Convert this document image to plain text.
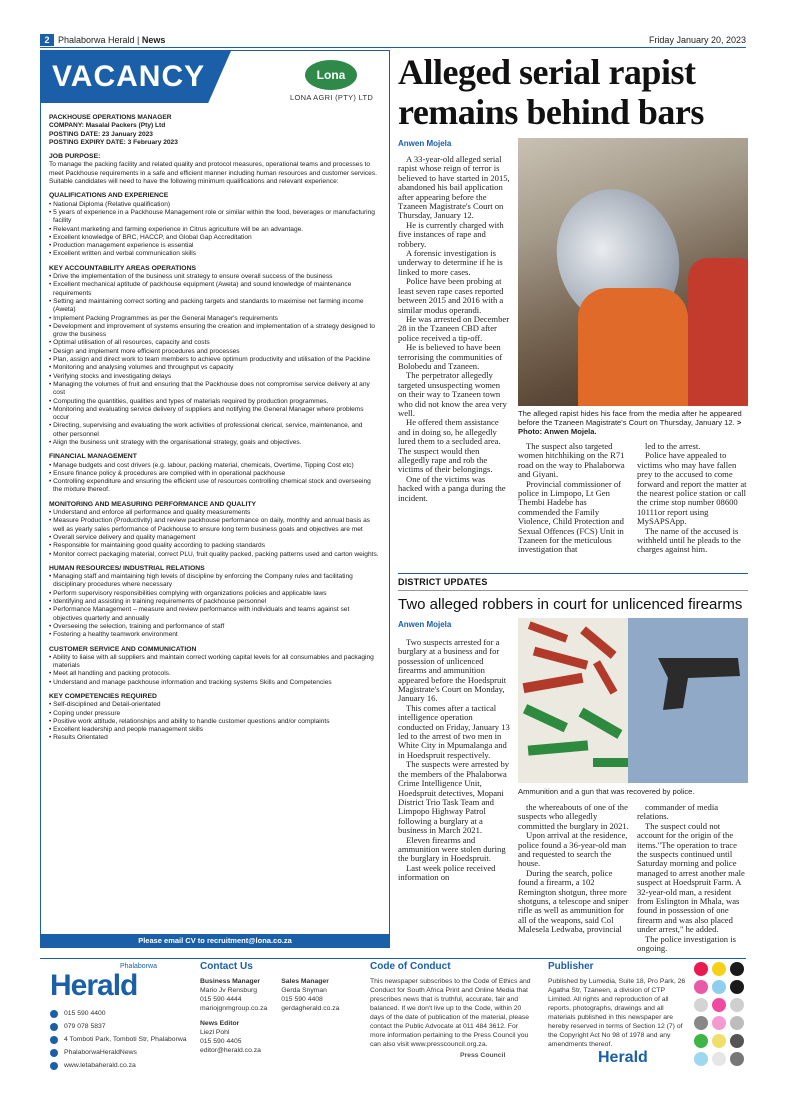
2 Phalaborwa Herald | News	Friday January 20, 2023
VACANCY	Lona
LONA AGRI (PTY) LTD
PACKHOUSE OPERATIONS MANAGER
COMPANY: Masalal Packers (Pty) Ltd
POSTING DATE: 23 January 2023
POSTING EXPIRY DATE: 3 February 2023
JOB PURPOSE:
To manage the packing facility and related quality and protocol measures, operational teams and processes to meet Packhouse requirements in a safe and efficient manner including human resources and customer services. Suitable candidates will need to have the following minimum qualifications and relevant experience:
QUALIFICATIONS AND EXPERIENCE
• National Diploma (Relative qualification)
• 5 years of experience in a Packhouse Management role or similar within the food, beverages or manufacturing facility
• Relevant marketing and farming experience in Citrus agriculture will be an advantage.
• Excellent knowledge of BRC, HACCP, and Global Gap Accreditation
• Production management experience is essential
• Excellent written and verbal communication skills
KEY ACCOUNTABILITY AREAS OPERATIONS
• Drive the implementation of the business unit strategy to ensure overall success of the business
• Excellent mechanical aptitude of packhouse equipment (Aweta) and sound knowledge of maintenance requirements
• Setting and maintaining correct sorting and packing targets and standards to maximise net farming income (Aweta)
• Implement Packing Programmes as per the General Manager's requirements
• Development and improvement of systems ensuring the creation and implementation of a strategy designed to grow the business
• Optimal utilisation of all resources, capacity and costs
• Design and implement more efficient procedures and processes
• Plan, assign and direct work to team members to achieve optimum productivity and utilisation of the Packline
• Monitoring and analysing volumes and throughput vs capacity
• Verifying stocks and investigating delays
• Managing the volumes of fruit and ensuring that the Packhouse does not compromise service delivery at any cost
• Computing the quantities, qualities and types of materials required by production programmes.
• Monitoring and evaluating service delivery of suppliers and notifying the General Manager where problems occur
• Directing, supervising and evaluating the work activities of professional clerical, service, maintenance, and other personnel
• Align the business unit strategy with the organisational strategy, goals and objectives.
FINANCIAL MANAGEMENT
• Manage budgets and cost drivers (e.g. labour, packing material, chemicals, Overtime, Tipping Cost etc)
• Ensure finance policy & procedures are complied with in operational packhouse
• Controlling expenditure and ensuring the efficient use of resources controlling chemical stock and overseeing the mixture thereof.
MONITORING AND MEASURING PERFORMANCE AND QUALITY
• Understand and enforce all performance and quality measurements
• Measure Production (Productivity) and review packhouse performance on daily, monthly and annual basis as well as yearly sales performance of Packhouse to ensure long term business goals and objectives are met
• Overall service delivery and quality management
• Responsible for maintaining good quality according to packing standards
• Monitor correct packaging material, correct PLU, fruit quality packed, packing patterns used and carton weights.
HUMAN RESOURCES/ INDUSTRIAL RELATIONS
• Managing staff and maintaining high levels of discipline by enforcing the Company rules and facilitating disciplinary procedures where necessary
• Perform supervisory responsibilities complying with organizations policies and applicable laws
• Identifying and assisting in training requirements of packhouse personnel
• Performance Management – measure and review performance with individuals and teams against set objectives quarterly and annually
• Overseeing the selection, training and performance of staff
• Fostering a healthy teamwork environment
CUSTOMER SERVICE AND COMMUNICATION
• Ability to liaise with all suppliers and maintain correct working capital levels for all consumables and packaging materials
• Meet all handling and packing protocols.
• Understand and manage packhouse information and tracking systems Skills and Competencies
KEY COMPETENCIES REQUIRED
• Self-disciplined and Detail-orientated
• Coping under pressure
• Positive work attitude, relationships and ability to handle customer questions and/or complaints
• Excellent leadership and people management skills
• Results Orientated
Please email CV to recruitment@lona.co.za
Alleged serial rapist remains behind bars
Anwen Mojela

A 33-year-old alleged serial rapist whose reign of terror is believed to have started in 2015, abandoned his bail application after appearing before the Tzaneen Magistrate's Court on Thursday, January 12.

He is currently charged with five instances of rape and robbery.

A forensic investigation is underway to determine if he is linked to more cases.

Police have been probing at least seven rape cases reported between 2015 and 2016 with a similar modus operandi.

He was arrested on December 28 in the Tzaneen CBD after police received a tip-off.

He is believed to have been terrorising the communities of Bolobedu and Tzaneen.

The perpetrator allegedly targeted unsuspecting women on their way to Tzaneen town who did not know the area very well.

He offered them assistance and in doing so, he allegedly lured them to a secluded area. The suspect would then allegedly rape and rob the victims of their belongings.

One of the victims was hacked with a panga during the incident.

The alleged rapist hides his face from the media after he appeared before the Tzaneen Magistrate's Court on Thursday, January 12. > Photo: Anwen Mojela.

The suspect also targeted women hitchhiking on the R71 road on the way to Phalaborwa and Giyani.

Provincial commissioner of police in Limpopo, Lt Gen Thembi Hadebe has commended the Family Violence, Child Protection and Sexual Offences (FCS) Unit in Tzaneen for the meticulous investigation that

led to the arrest.

Police have appealed to victims who may have fallen prey to the accused to come forward and report the matter at the nearest police station or call the crime stop number 08600 10111or report using MySAPSApp.

The name of the accused is withheld until he pleads to the charges against him.

DISTRICT UPDATES
Two alleged robbers in court for unlicenced firearms
Anwen Mojela

Two suspects arrested for a burglary at a business and for possession of unlicenced firearms and ammunition appeared before the Hoedspruit Magistrate's Court on Monday, January 16.

This comes after a tactical intelligence operation conducted on Friday, January 13 led to the arrest of two men in White City in Mpumalanga and in Hoedspruit respectively.

The suspects were arrested by the members of the Phalaborwa Crime Intelligence Unit, Hoedspruit detectives, Mopani District Trio Task Team and Limpopo Highway Patrol following a burglary at a business in March 2021.

Eleven firearms and ammunition were stolen during the burglary in Hoedspruit.

Last week police received information on

Ammunition and a gun that was recovered by police.

the whereabouts of one of the suspects who allegedly committed the burglary in 2021.

Upon arrival at the residence, police found a 36-year-old man and requested to search the house.

During the search, police found a firearm, a 102 Remington shotgun, three more shotguns, a telescope and sniper rifle as well as ammunition for all of the weapons, said Col Malesela Ledwaba, provincial

commander of media relations.

The suspect could not account for the origin of the items."The operation to trace the suspects continued until Saturday morning and police managed to arrest another male suspect at Hoedspruit Farm. A 32-year-old man, a resident from Eslington in Mhala, was found in possession of one firearm and was also placed under arrest," he added.

The police investigation is ongoing.

Phalaborwa
Herald
015 590 4400
079 078 5837
4 Tomboti Park, Tomboti Str, Phalaborwa
PhalaborwaHeraldNews
www.letabaherald.co.za
Contact Us
Business Manager
Mario Jv Rensburg
015 590 4444
mariojgnmgroup.co.za
News Editor
Liezl Pohl
015 590 4405
editor@herald.co.za
Sales Manager
Gerda Snyman
015 590 4408
gerdagherald.co.za
Code of Conduct
This newspaper subscribes to the Code of Ethics and Conduct for South Africa Print and Online Media that prescribes news that is truthful, accurate, fair and balanced. If we don't live up to the Code, within 20 days of the date of publication of the material, please contact the Public Advocate at 011 484 3612. For more information pertaining to the Press Council you can also visit www.presscouncil.org.za.
Press Council
Publisher
Published by Lumedia, Suite 18, Pro Park, 26 Agatha Str, Tzaneen, a division of CTP Limited. All rights and reproduction of all reports, photographs, drawings and all materials published in this newspaper are hereby reserved in terms of Section 12 (7) of the Copyright Act No 98 of 1978 and any amendments thereof.
Herald
